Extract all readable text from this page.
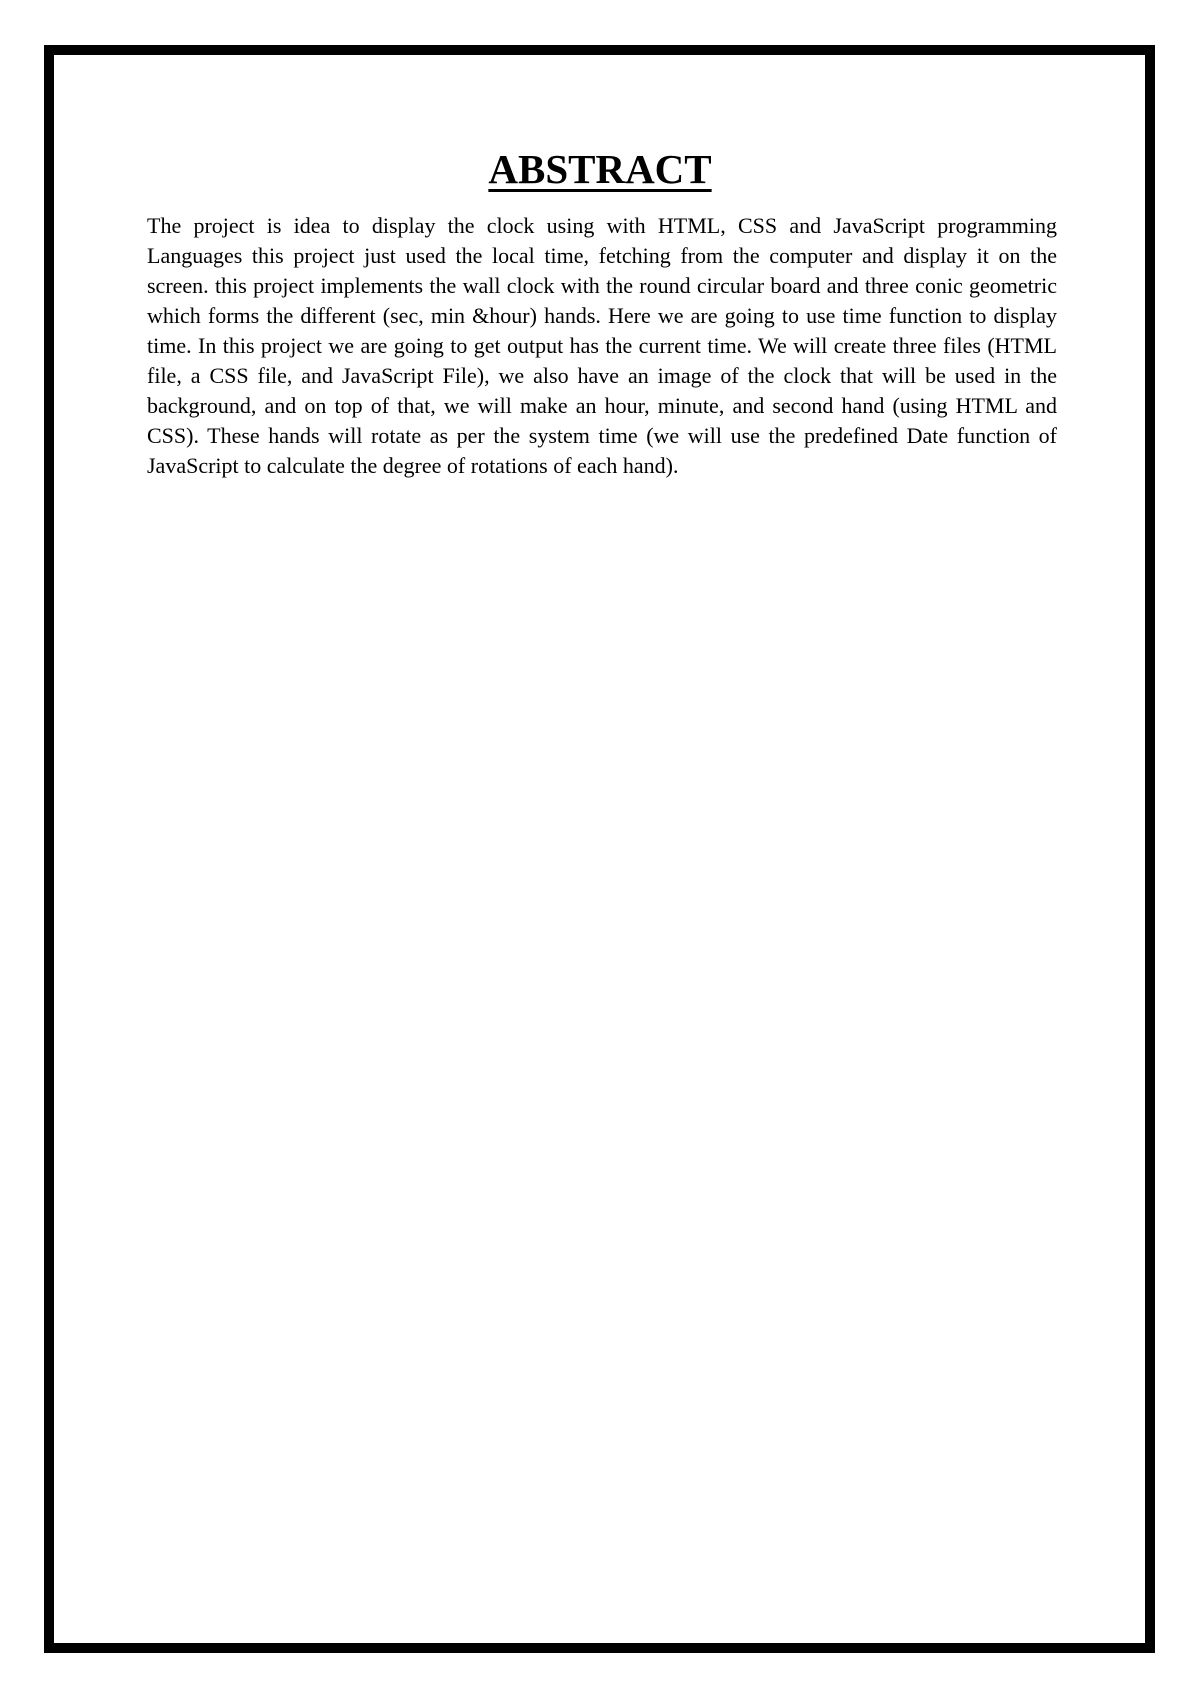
ABSTRACT

The project is idea to display the clock using with HTML, CSS and JavaScript programming Languages this project just used the local time, fetching from the computer and display it on the screen. this project implements the wall clock with the round circular board and three conic geometric which forms the different (sec, min &hour) hands. Here we are going to use time function to display time. In this project we are going to get output has the current time. We will create three files (HTML file, a CSS file, and JavaScript File), we also have an image of the clock that will be used in the background, and on top of that, we will make an hour, minute, and second hand (using HTML and CSS). These hands will rotate as per the system time (we will use the predefined Date function of JavaScript to calculate the degree of rotations of each hand).
